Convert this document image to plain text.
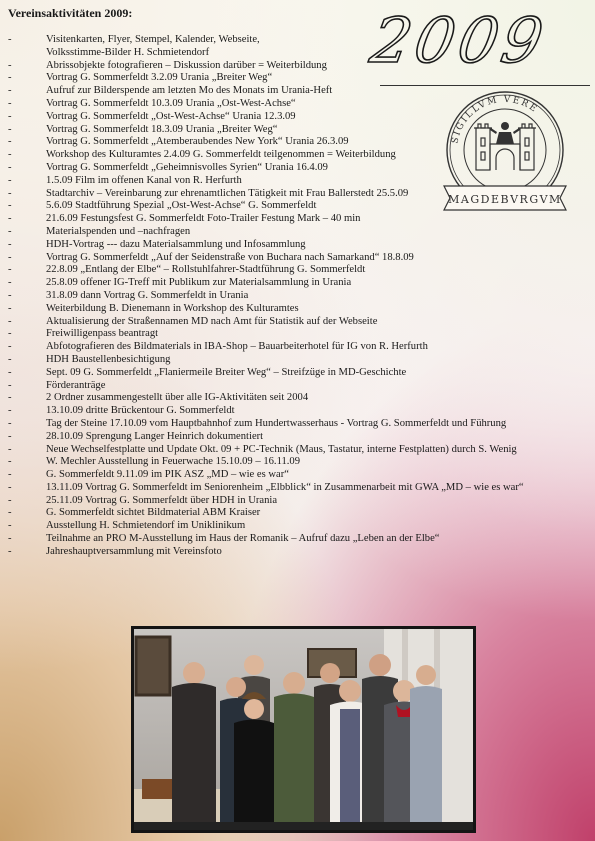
Vereinsaktivitäten 2009:	2009
SIGILLVM VERE
MAGDEBVRGVM
-	Visitenkarten, Flyer, Stempel, Kalender, Webseite,
Volksstimme-Bilder H. Schmietendorf
-	Abrissobjekte fotografieren – Diskussion darüber = Weiterbildung
-	Vortrag G. Sommerfeldt 3.2.09 Urania „Breiter Weg“
-	Aufruf zur Bilderspende am letzten Mo des Monats im Urania-Heft
-	Vortrag G. Sommerfeldt 10.3.09 Urania „Ost-West-Achse“
-	Vortrag G. Sommerfeldt „Ost-West-Achse“ Urania 12.3.09
-	Vortrag G. Sommerfeldt 18.3.09 Urania „Breiter Weg“
-	Vortrag G. Sommerfeldt „Atemberaubendes New York“ Urania 26.3.09
-	Workshop des Kulturamtes 2.4.09 G. Sommerfeldt teilgenommen = Weiterbildung
-	Vortrag G. Sommerfeldt „Geheimnisvolles Syrien“ Urania 16.4.09
-	1.5.09 Film im offenen Kanal von R. Herfurth
-	Stadtarchiv – Vereinbarung zur ehrenamtlichen Tätigkeit mit Frau Ballerstedt 25.5.09
-	5.6.09 Stadtführung Spezial „Ost-West-Achse“ G. Sommerfeldt
-	21.6.09 Festungsfest G. Sommerfeldt Foto-Trailer Festung Mark – 40 min
-	Materialspenden und –nachfragen
-	HDH-Vortrag --- dazu Materialsammlung und Infosammlung
-	Vortrag G. Sommerfeldt „Auf der Seidenstraße von Buchara nach Samarkand“ 18.8.09
-	22.8.09 „Entlang der Elbe“ – Rollstuhlfahrer-Stadtführung G. Sommerfeldt
-	25.8.09 offener IG-Treff mit Publikum zur Materialsammlung in Urania
-	31.8.09 dann Vortrag G. Sommerfeldt in Urania
-	Weiterbildung B. Dienemann in Workshop des Kulturamtes
-	Aktualisierung der Straßennamen MD nach Amt für Statistik auf der Webseite
-	Freiwilligenpass beantragt
-	Abfotografieren des Bildmaterials in IBA-Shop – Bauarbeiterhotel für IG von R. Herfurth
-	HDH Baustellenbesichtigung
-	Sept. 09 G. Sommerfeldt „Flaniermeile Breiter Weg“ – Streifzüge in MD-Geschichte
-	Förderanträge
-	2 Ordner zusammengestellt über alle IG-Aktivitäten seit 2004
-	13.10.09 dritte Brückentour G. Sommerfeldt
-	Tag der Steine 17.10.09 vom Hauptbahnhof zum Hundertwasserhaus - Vortrag G. Sommerfeldt und Führung
-	28.10.09 Sprengung Langer Heinrich dokumentiert
-	Neue Wechselfestplatte und Update Okt. 09 + PC-Technik (Maus, Tastatur, interne Festplatten) durch S. Wenig
-	W. Mechler Ausstellung in Feuerwache 15.10.09 – 16.11.09
-	G. Sommerfeldt 9.11.09 im PIK ASZ „MD – wie es war“
-	13.11.09 Vortrag G. Sommerfeldt im Seniorenheim „Elbblick“ in Zusammenarbeit mit GWA „MD – wie es war“
-	25.11.09 Vortrag G. Sommerfeldt über HDH in Urania
-	G. Sommerfeldt sichtet Bildmaterial ABM Kraiser
-	Ausstellung H. Schmietendorf im Uniklinikum
-	Teilnahme an PRO M-Ausstellung im Haus der Romanik – Aufruf dazu „Leben an der Elbe“
-	Jahreshauptversammlung mit Vereinsfoto
